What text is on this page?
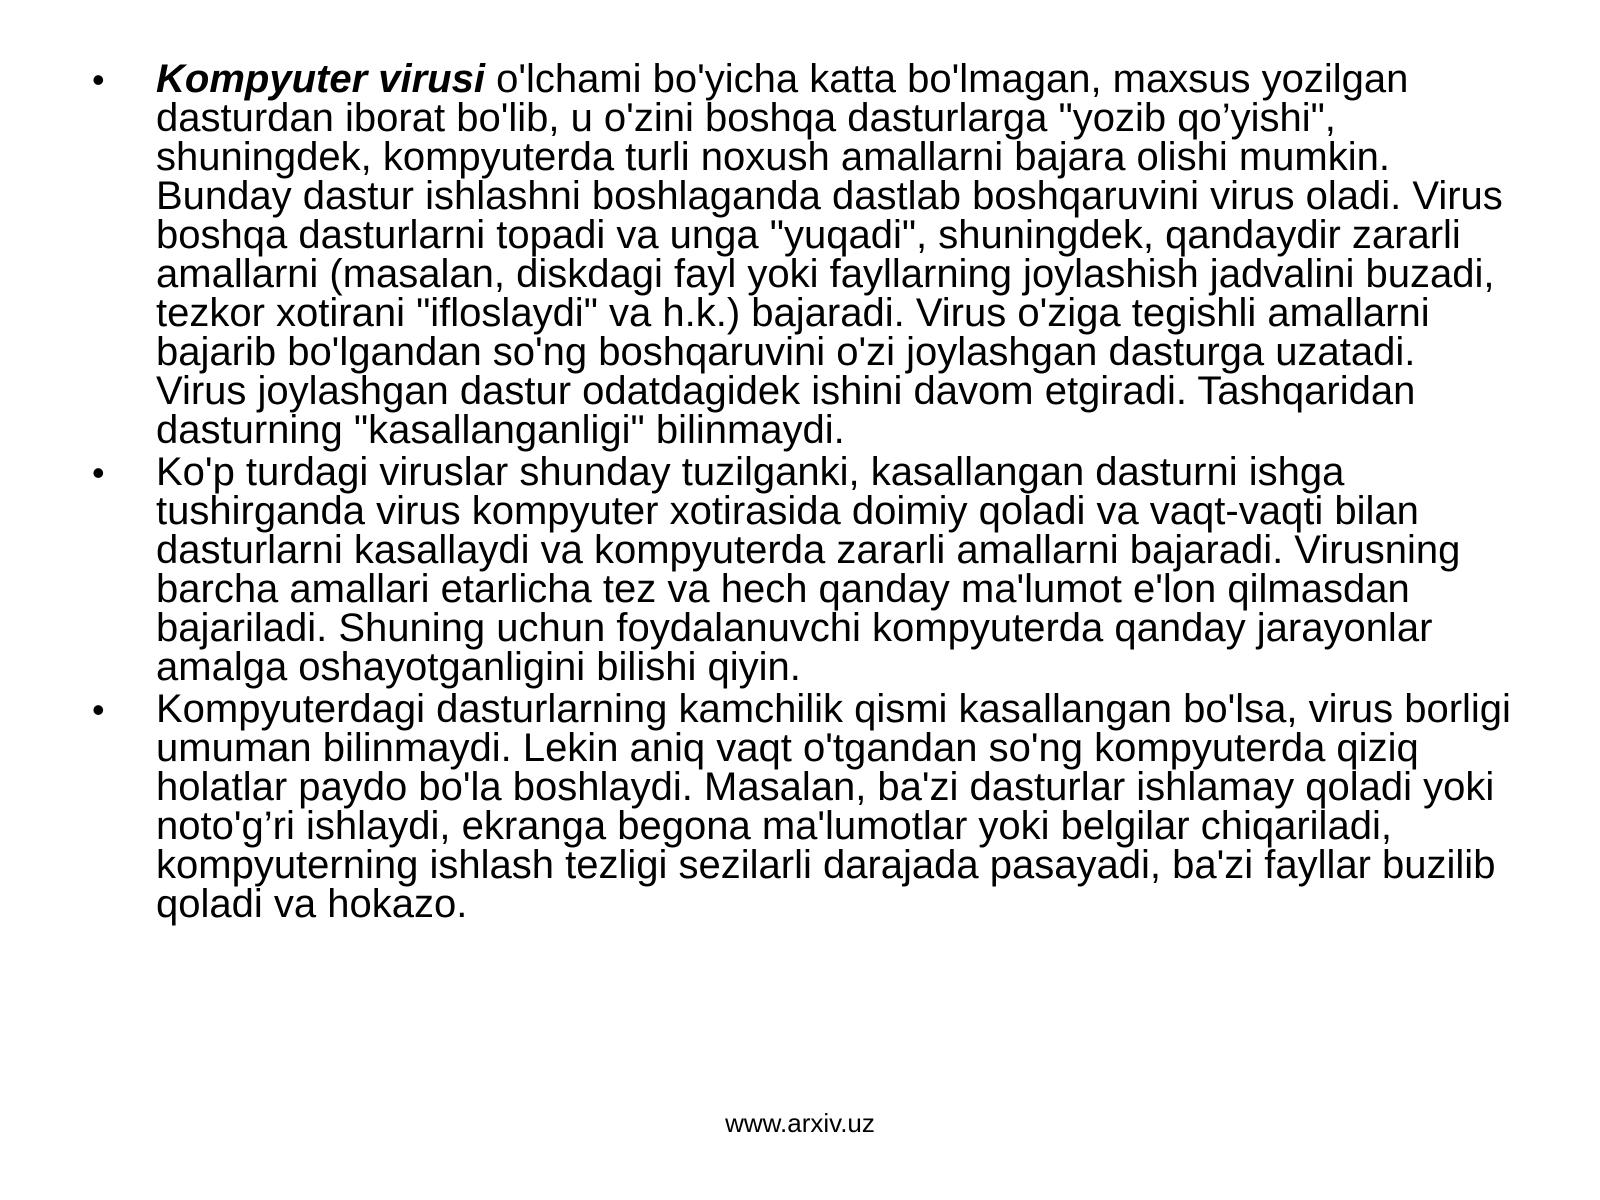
• Kompyuter virusi o'lchami bo'yicha katta bo'lmagan, maxsus yozilgan dasturdan iborat bo'lib, u o'zini boshqa dasturlarga "yozib qo’yishi", shuningdek, kompyuterda turli noxush amallarni bajara olishi mumkin. Bunday dastur ishlashni boshlaganda dastlab boshqaruvini virus oladi. Virus boshqa dasturlarni topadi va unga "yuqadi", shuningdek, qandaydir zararli amallarni (masalan, diskdagi fayl yoki fayllarning joylashish jadvalini buzadi, tezkor xotirani "ifloslaydi" va h.k.) bajaradi. Virus o'ziga tegishli amallarni bajarib bo'lgandan so'ng boshqaruvini o'zi joylashgan dasturga uzatadi. Virus joylashgan dastur odatdagidek ishini davom etgiradi. Tashqaridan dasturning "kasallanganligi" bilinmaydi.
• Ko'p turdagi viruslar shunday tuzilganki, kasallangan dasturni ishga tushirganda virus kompyuter xotirasida doimiy qoladi va vaqt-vaqti bilan dasturlarni kasallaydi va kompyuterda zararli amallarni bajaradi. Virusning barcha amallari etarlicha tez va hech qanday ma'lumot e'lon qilmasdan bajariladi. Shuning uchun foydalanuvchi kompyuterda qanday jarayonlar amalga oshayotganligini bilishi qiyin.
• Kompyuterdagi dasturlarning kamchilik qismi kasallangan bo'lsa, virus borligi umuman bilinmaydi. Lekin aniq vaqt o'tgandan so'ng kompyuterda qiziq holatlar paydo bo'la boshlaydi. Masalan, ba'zi dasturlar ishlamay qoladi yoki noto'g’ri ishlaydi, ekranga begona ma'lumotlar yoki belgilar chiqariladi, kompyuterning ishlash tezligi sezilarli darajada pasayadi, ba'zi fayllar buzilib qoladi va hokazo.
www.arxiv.uz
